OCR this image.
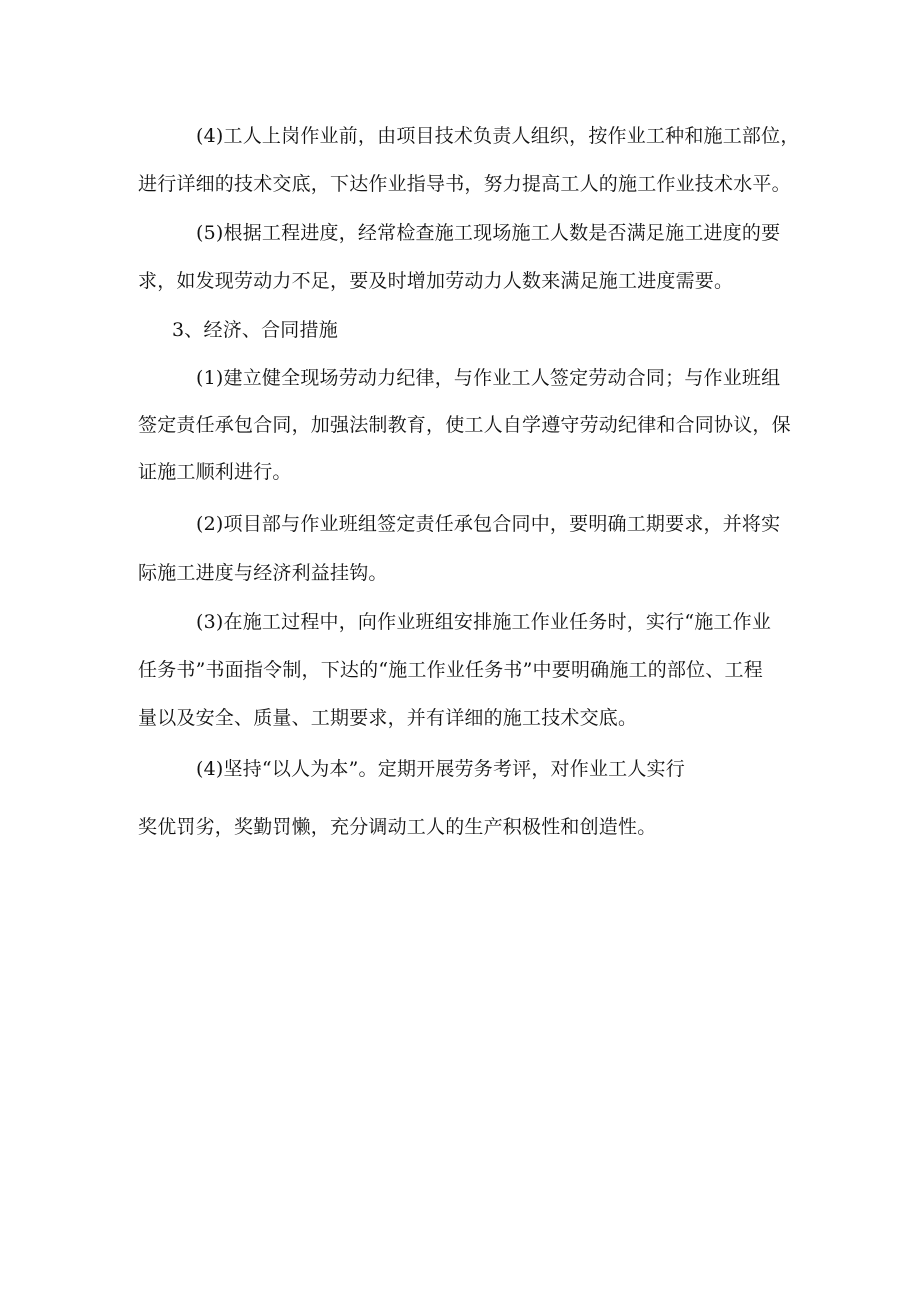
(4)工人上岗作业前，由项目技术负责人组织，按作业工种和施工部位，
进行详细的技术交底，下达作业指导书，努力提高工人的施工作业技术水平。
(5)根据工程进度，经常检查施工现场施工人数是否满足施工进度的要
求，如发现劳动力不足，要及时增加劳动力人数来满足施工进度需要。
3、经济、合同措施
(1)建立健全现场劳动力纪律，与作业工人签定劳动合同；与作业班组
签定责任承包合同，加强法制教育，使工人自学遵守劳动纪律和合同协议，保
证施工顺利进行。
(2)项目部与作业班组签定责任承包合同中，要明确工期要求，并将实
际施工进度与经济利益挂钩。
(3)在施工过程中，向作业班组安排施工作业任务时，实行“施工作业
任务书”书面指令制，下达的“施工作业任务书”中要明确施工的部位、工程
量以及安全、质量、工期要求，并有详细的施工技术交底。
(4)坚持“以人为本”。定期开展劳务考评，对作业工人实行
奖优罚劣，奖勤罚懒，充分调动工人的生产积极性和创造性。
